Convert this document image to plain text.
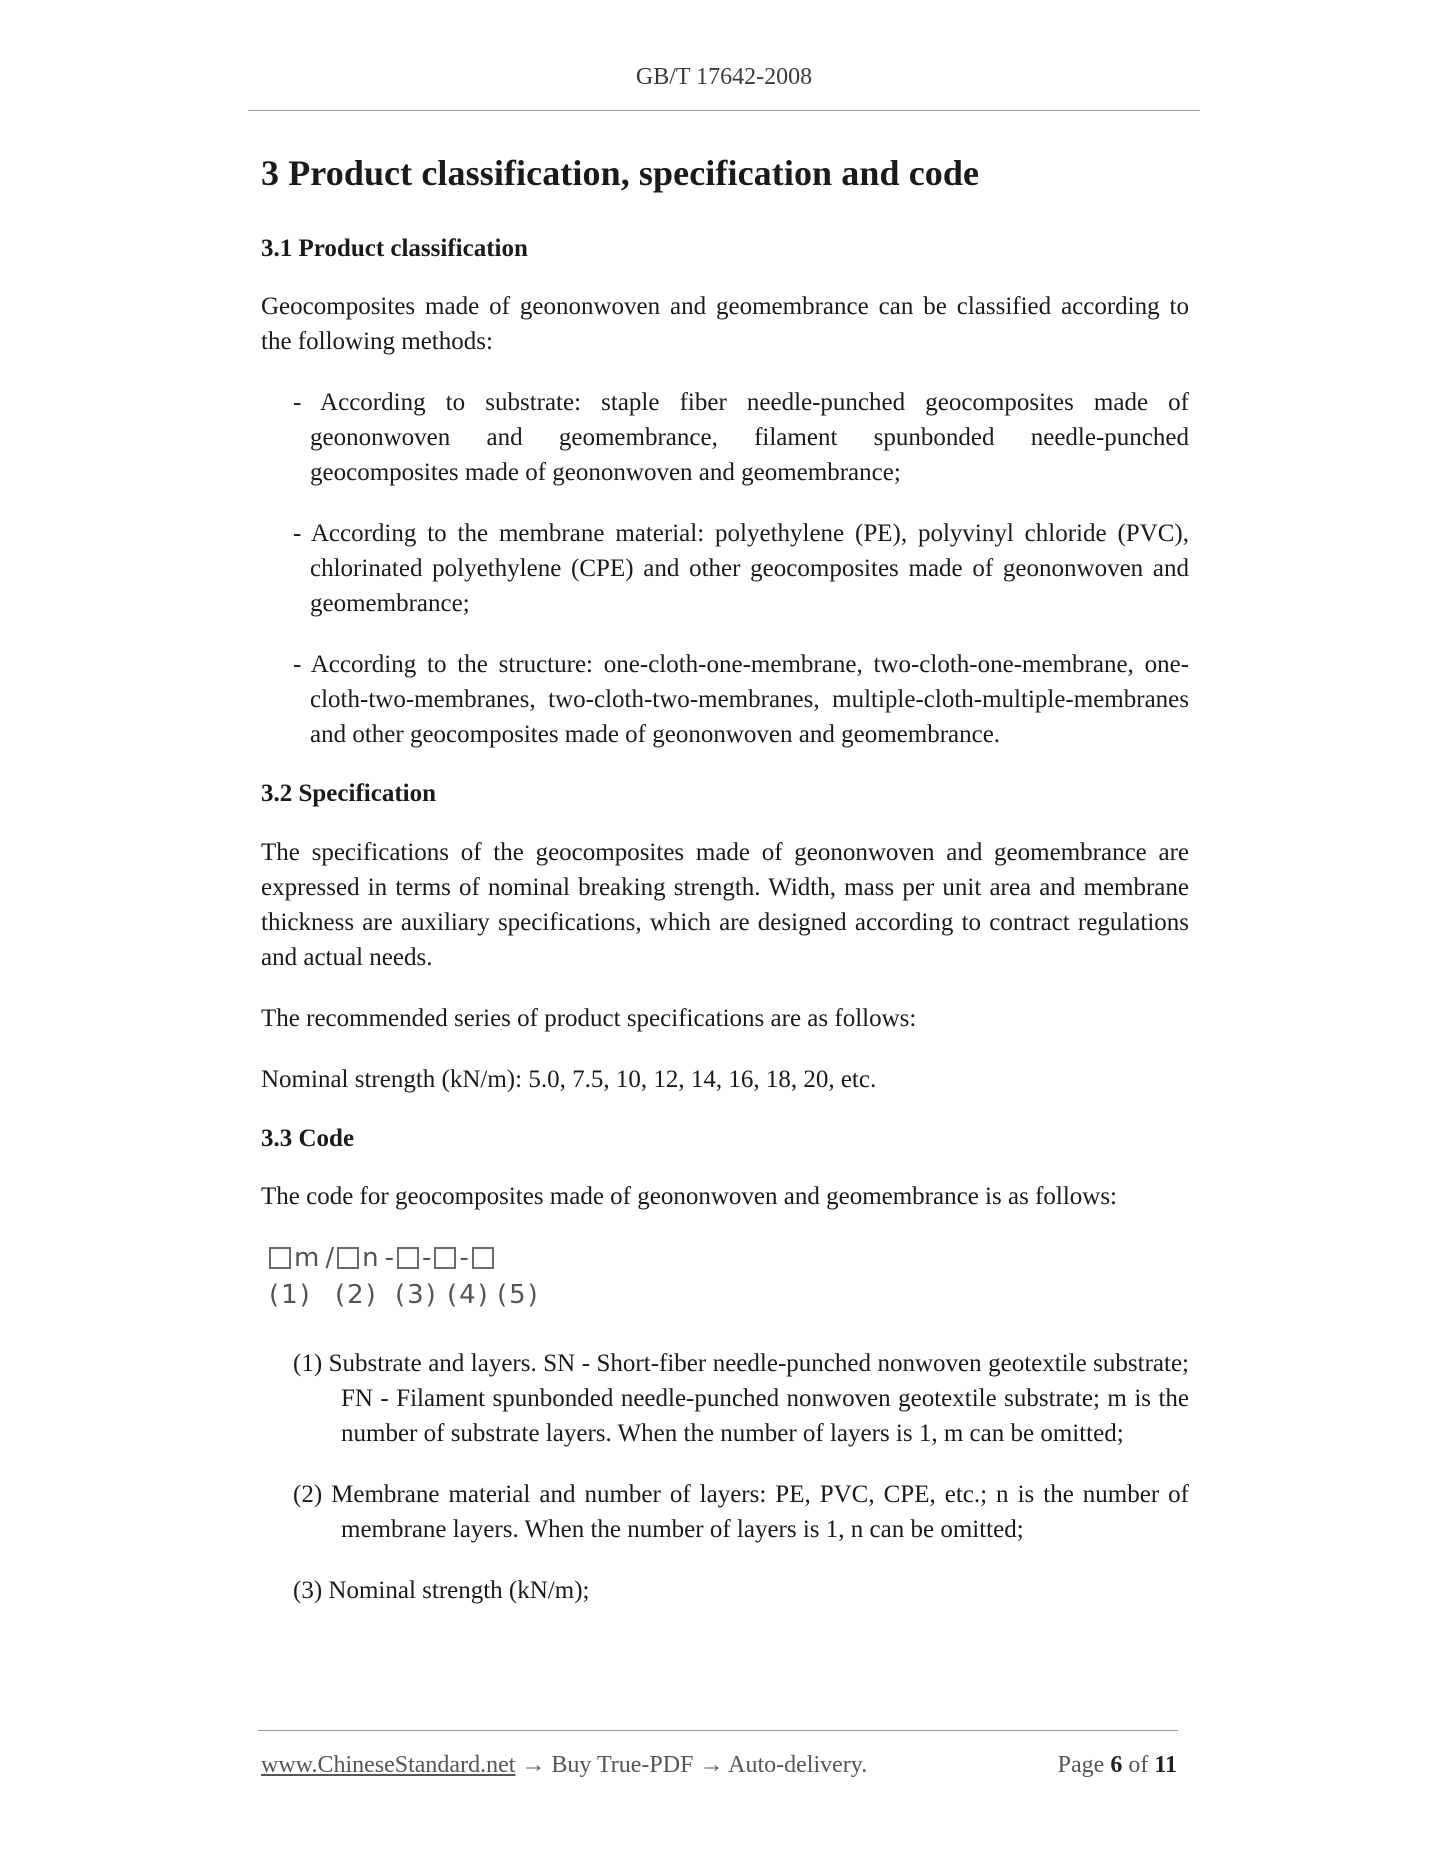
GB/T 17642-2008
3 Product classification, specification and code
3.1 Product classification

Geocomposites made of geononwoven and geomembrance can be classified according to the following methods:

- According to substrate: staple fiber needle-punched geocomposites made of geononwoven and geomembrance, filament spunbonded needle-punched geocomposites made of geononwoven and geomembrance;

- According to the membrane material: polyethylene (PE), polyvinyl chloride (PVC), chlorinated polyethylene (CPE) and other geocomposites made of geononwoven and geomembrance;

- According to the structure: one-cloth-one-membrane, two-cloth-one-membrane, one-cloth-two-membranes, two-cloth-two-membranes, multiple-cloth-multiple-membranes and other geocomposites made of geononwoven and geomembrance.

3.2 Specification

The specifications of the geocomposites made of geononwoven and geomembrance are expressed in terms of nominal breaking strength. Width, mass per unit area and membrane thickness are auxiliary specifications, which are designed according to contract regulations and actual needs.

The recommended series of product specifications are as follows:

Nominal strength (kN/m): 5.0, 7.5, 10, 12, 14, 16, 18, 20, etc.

3.3 Code

The code for geocomposites made of geononwoven and geomembrance is as follows:

m / n - - -
(1) (2) (3) (4) (5)

(1) Substrate and layers. SN - Short-fiber needle-punched nonwoven geotextile substrate; FN - Filament spunbonded needle-punched nonwoven geotextile substrate; m is the number of substrate layers. When the number of layers is 1, m can be omitted;

(2) Membrane material and number of layers: PE, PVC, CPE, etc.; n is the number of membrane layers. When the number of layers is 1, n can be omitted;

(3) Nominal strength (kN/m);

www.ChineseStandard.net → Buy True-PDF → Auto-delivery.	Page 6 of 11
